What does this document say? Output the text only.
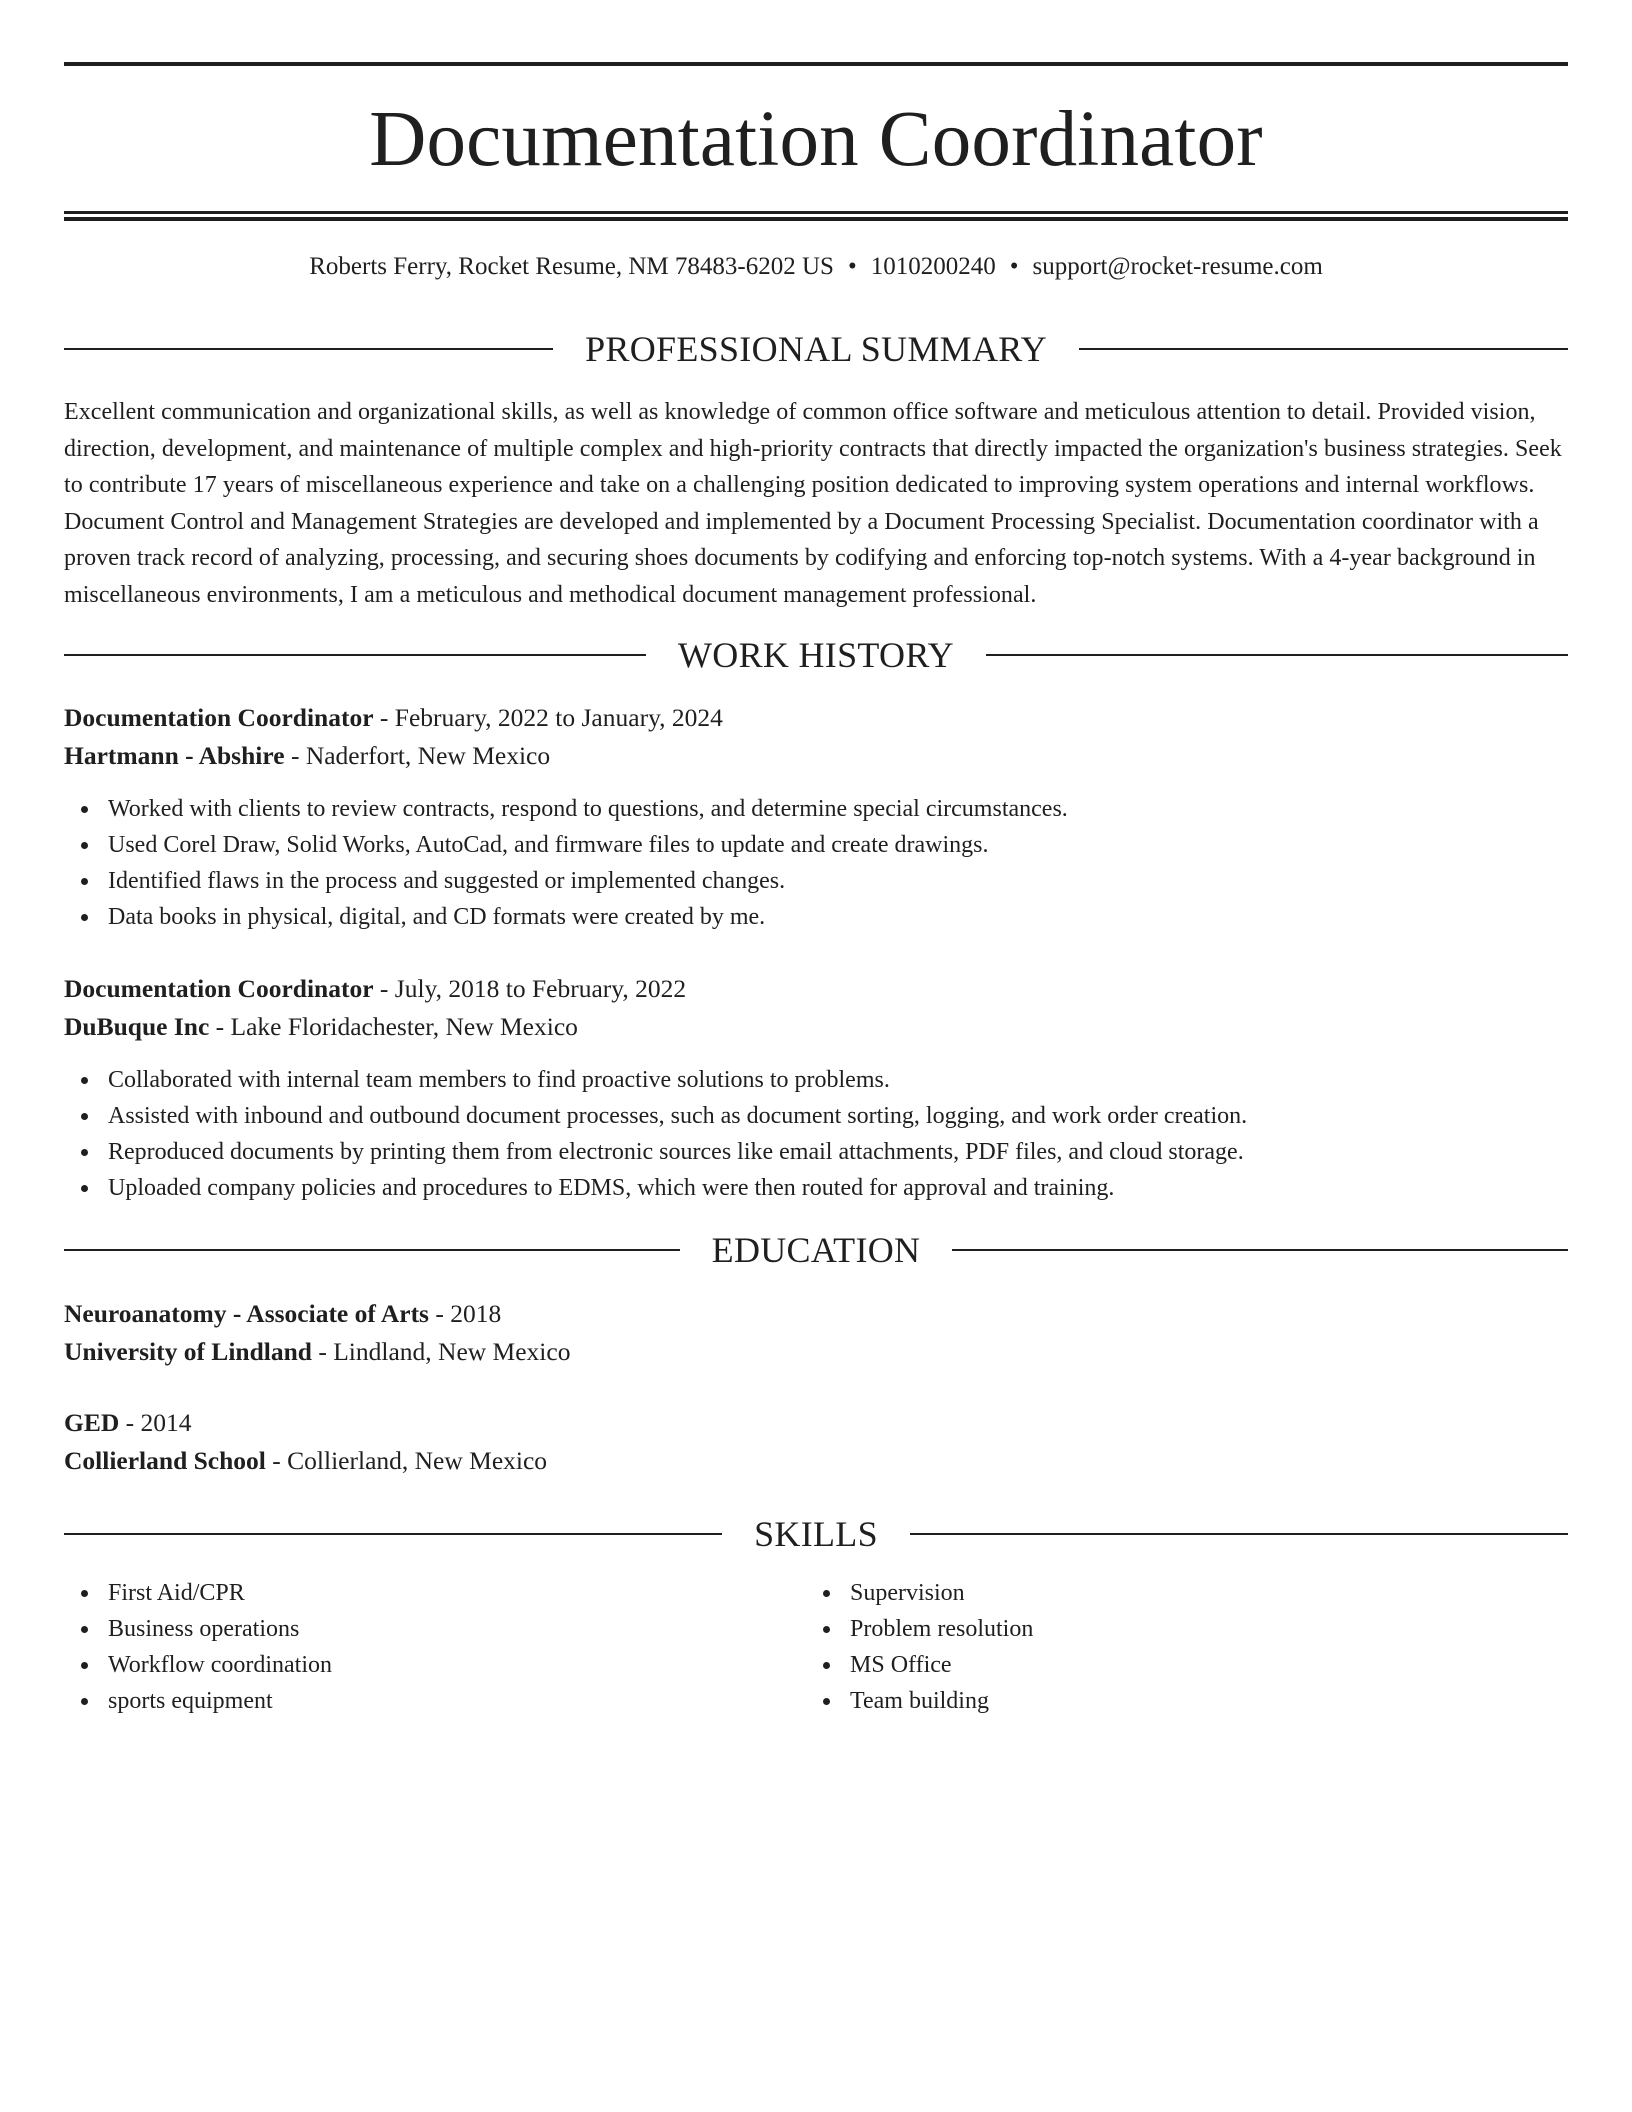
Documentation Coordinator
Roberts Ferry, Rocket Resume, NM 78483-6202 US • 1010200240 • support@rocket-resume.com
PROFESSIONAL SUMMARY

Excellent communication and organizational skills, as well as knowledge of common office software and meticulous attention to detail. Provided vision, direction, development, and maintenance of multiple complex and high-priority contracts that directly impacted the organization's business strategies. Seek to contribute 17 years of miscellaneous experience and take on a challenging position dedicated to improving system operations and internal workflows. Document Control and Management Strategies are developed and implemented by a Document Processing Specialist. Documentation coordinator with a proven track record of analyzing, processing, and securing shoes documents by codifying and enforcing top-notch systems. With a 4-year background in miscellaneous environments, I am a meticulous and methodical document management professional.

WORK HISTORY
Documentation Coordinator - February, 2022 to January, 2024
Hartmann - Abshire - Naderfort, New Mexico
Worked with clients to review contracts, respond to questions, and determine special circumstances.
Used Corel Draw, Solid Works, AutoCad, and firmware files to update and create drawings.
Identified flaws in the process and suggested or implemented changes.
Data books in physical, digital, and CD formats were created by me.
Documentation Coordinator - July, 2018 to February, 2022
DuBuque Inc - Lake Floridachester, New Mexico
Collaborated with internal team members to find proactive solutions to problems.
Assisted with inbound and outbound document processes, such as document sorting, logging, and work order creation.
Reproduced documents by printing them from electronic sources like email attachments, PDF files, and cloud storage.
Uploaded company policies and procedures to EDMS, which were then routed for approval and training.
EDUCATION
Neuroanatomy - Associate of Arts - 2018
University of Lindland - Lindland, New Mexico
GED - 2014
Collierland School - Collierland, New Mexico
SKILLS
First Aid/CPR
Business operations
Workflow coordination
sports equipment
Supervision
Problem resolution
MS Office
Team building
